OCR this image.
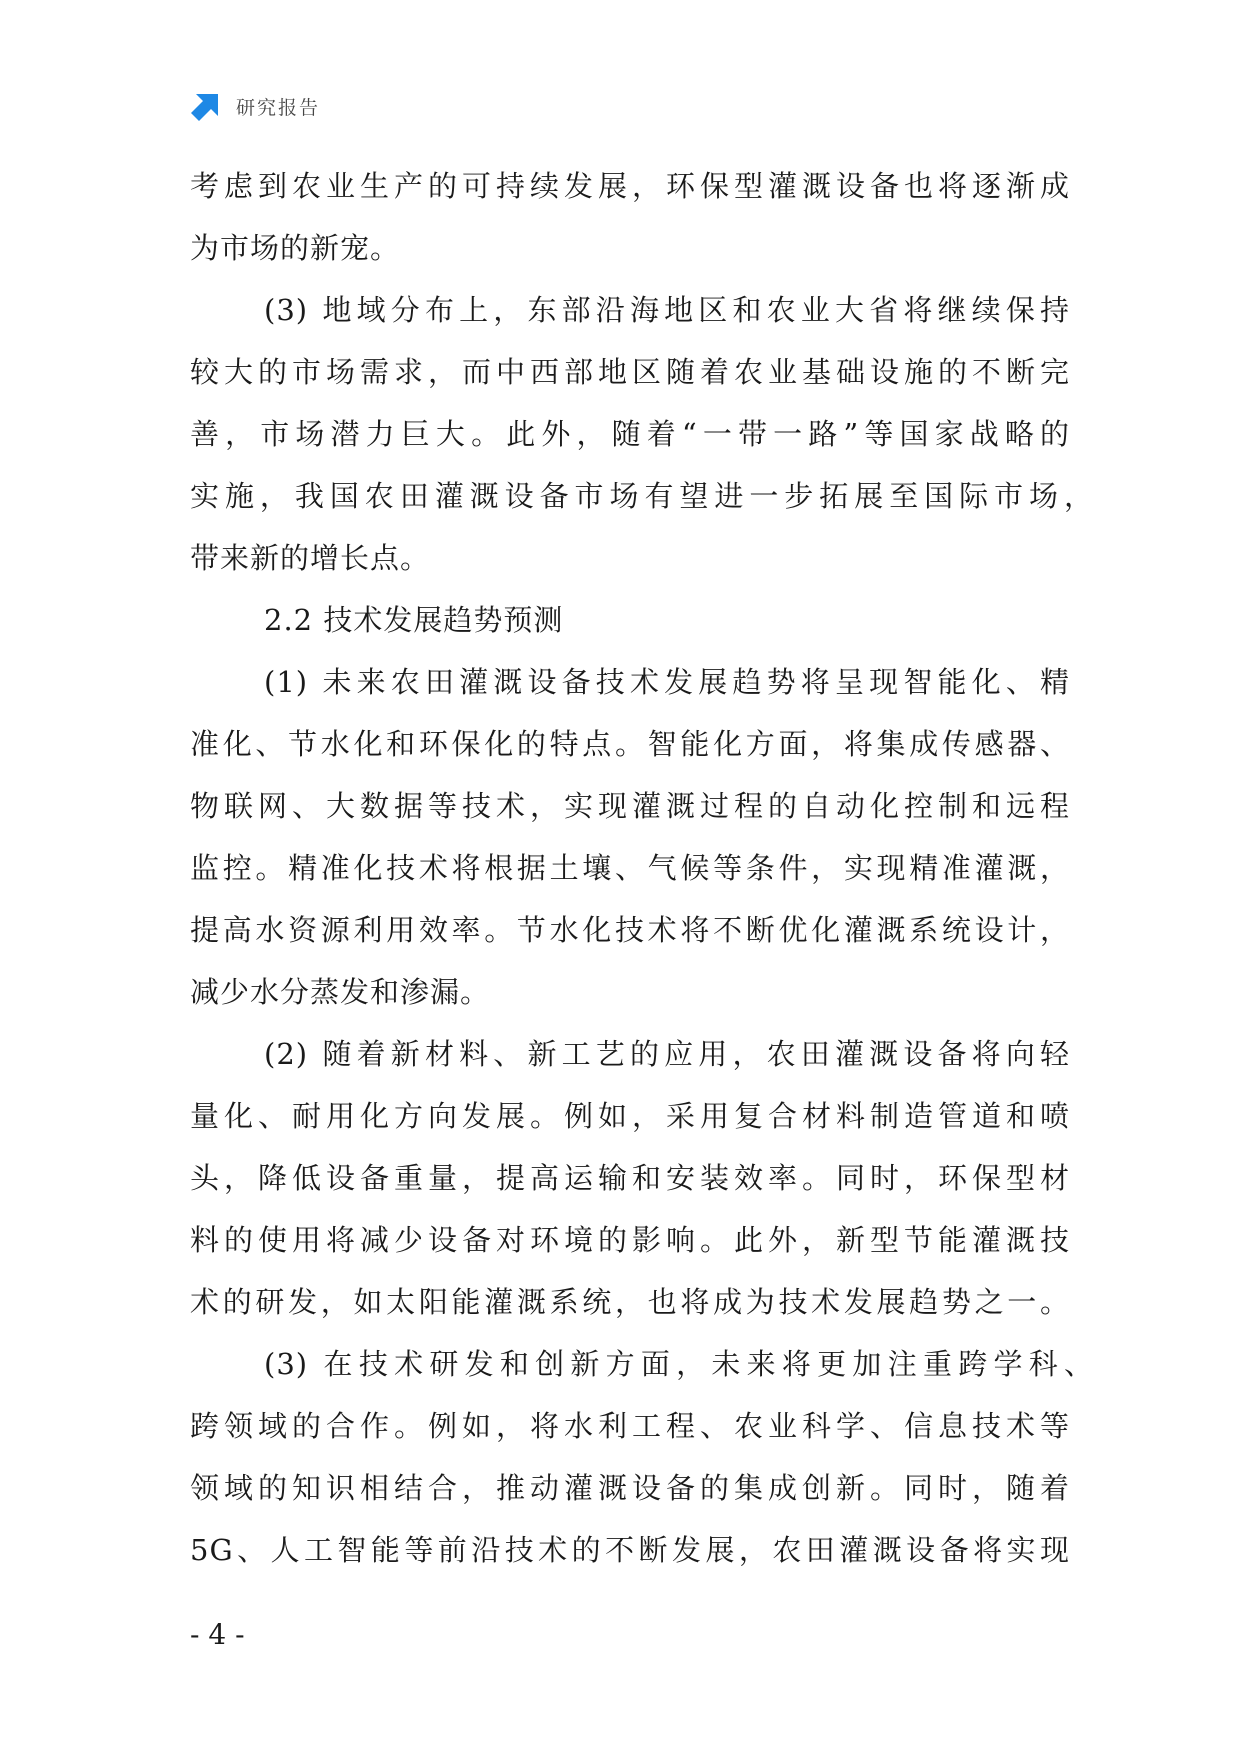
研究报告
考虑到农业生产的可持续发展，环保型灌溉设备也将逐渐成
为市场的新宠。
(3) 地域分布上，东部沿海地区和农业大省将继续保持
较大的市场需求，而中西部地区随着农业基础设施的不断完
善，市场潜力巨大。此外，随着“一带一路”等国家战略的
实施，我国农田灌溉设备市场有望进一步拓展至国际市场，
带来新的增长点。
2.2 技术发展趋势预测
(1) 未来农田灌溉设备技术发展趋势将呈现智能化、精
准化、节水化和环保化的特点。智能化方面，将集成传感器、
物联网、大数据等技术，实现灌溉过程的自动化控制和远程
监控。精准化技术将根据土壤、气候等条件，实现精准灌溉，
提高水资源利用效率。节水化技术将不断优化灌溉系统设计，
减少水分蒸发和渗漏。
(2) 随着新材料、新工艺的应用，农田灌溉设备将向轻
量化、耐用化方向发展。例如，采用复合材料制造管道和喷
头，降低设备重量，提高运输和安装效率。同时，环保型材
料的使用将减少设备对环境的影响。此外，新型节能灌溉技
术的研发，如太阳能灌溉系统，也将成为技术发展趋势之一。
(3) 在技术研发和创新方面，未来将更加注重跨学科、
跨领域的合作。例如，将水利工程、农业科学、信息技术等
领域的知识相结合，推动灌溉设备的集成创新。同时，随着
5G、人工智能等前沿技术的不断发展，农田灌溉设备将实现
- 4 -
